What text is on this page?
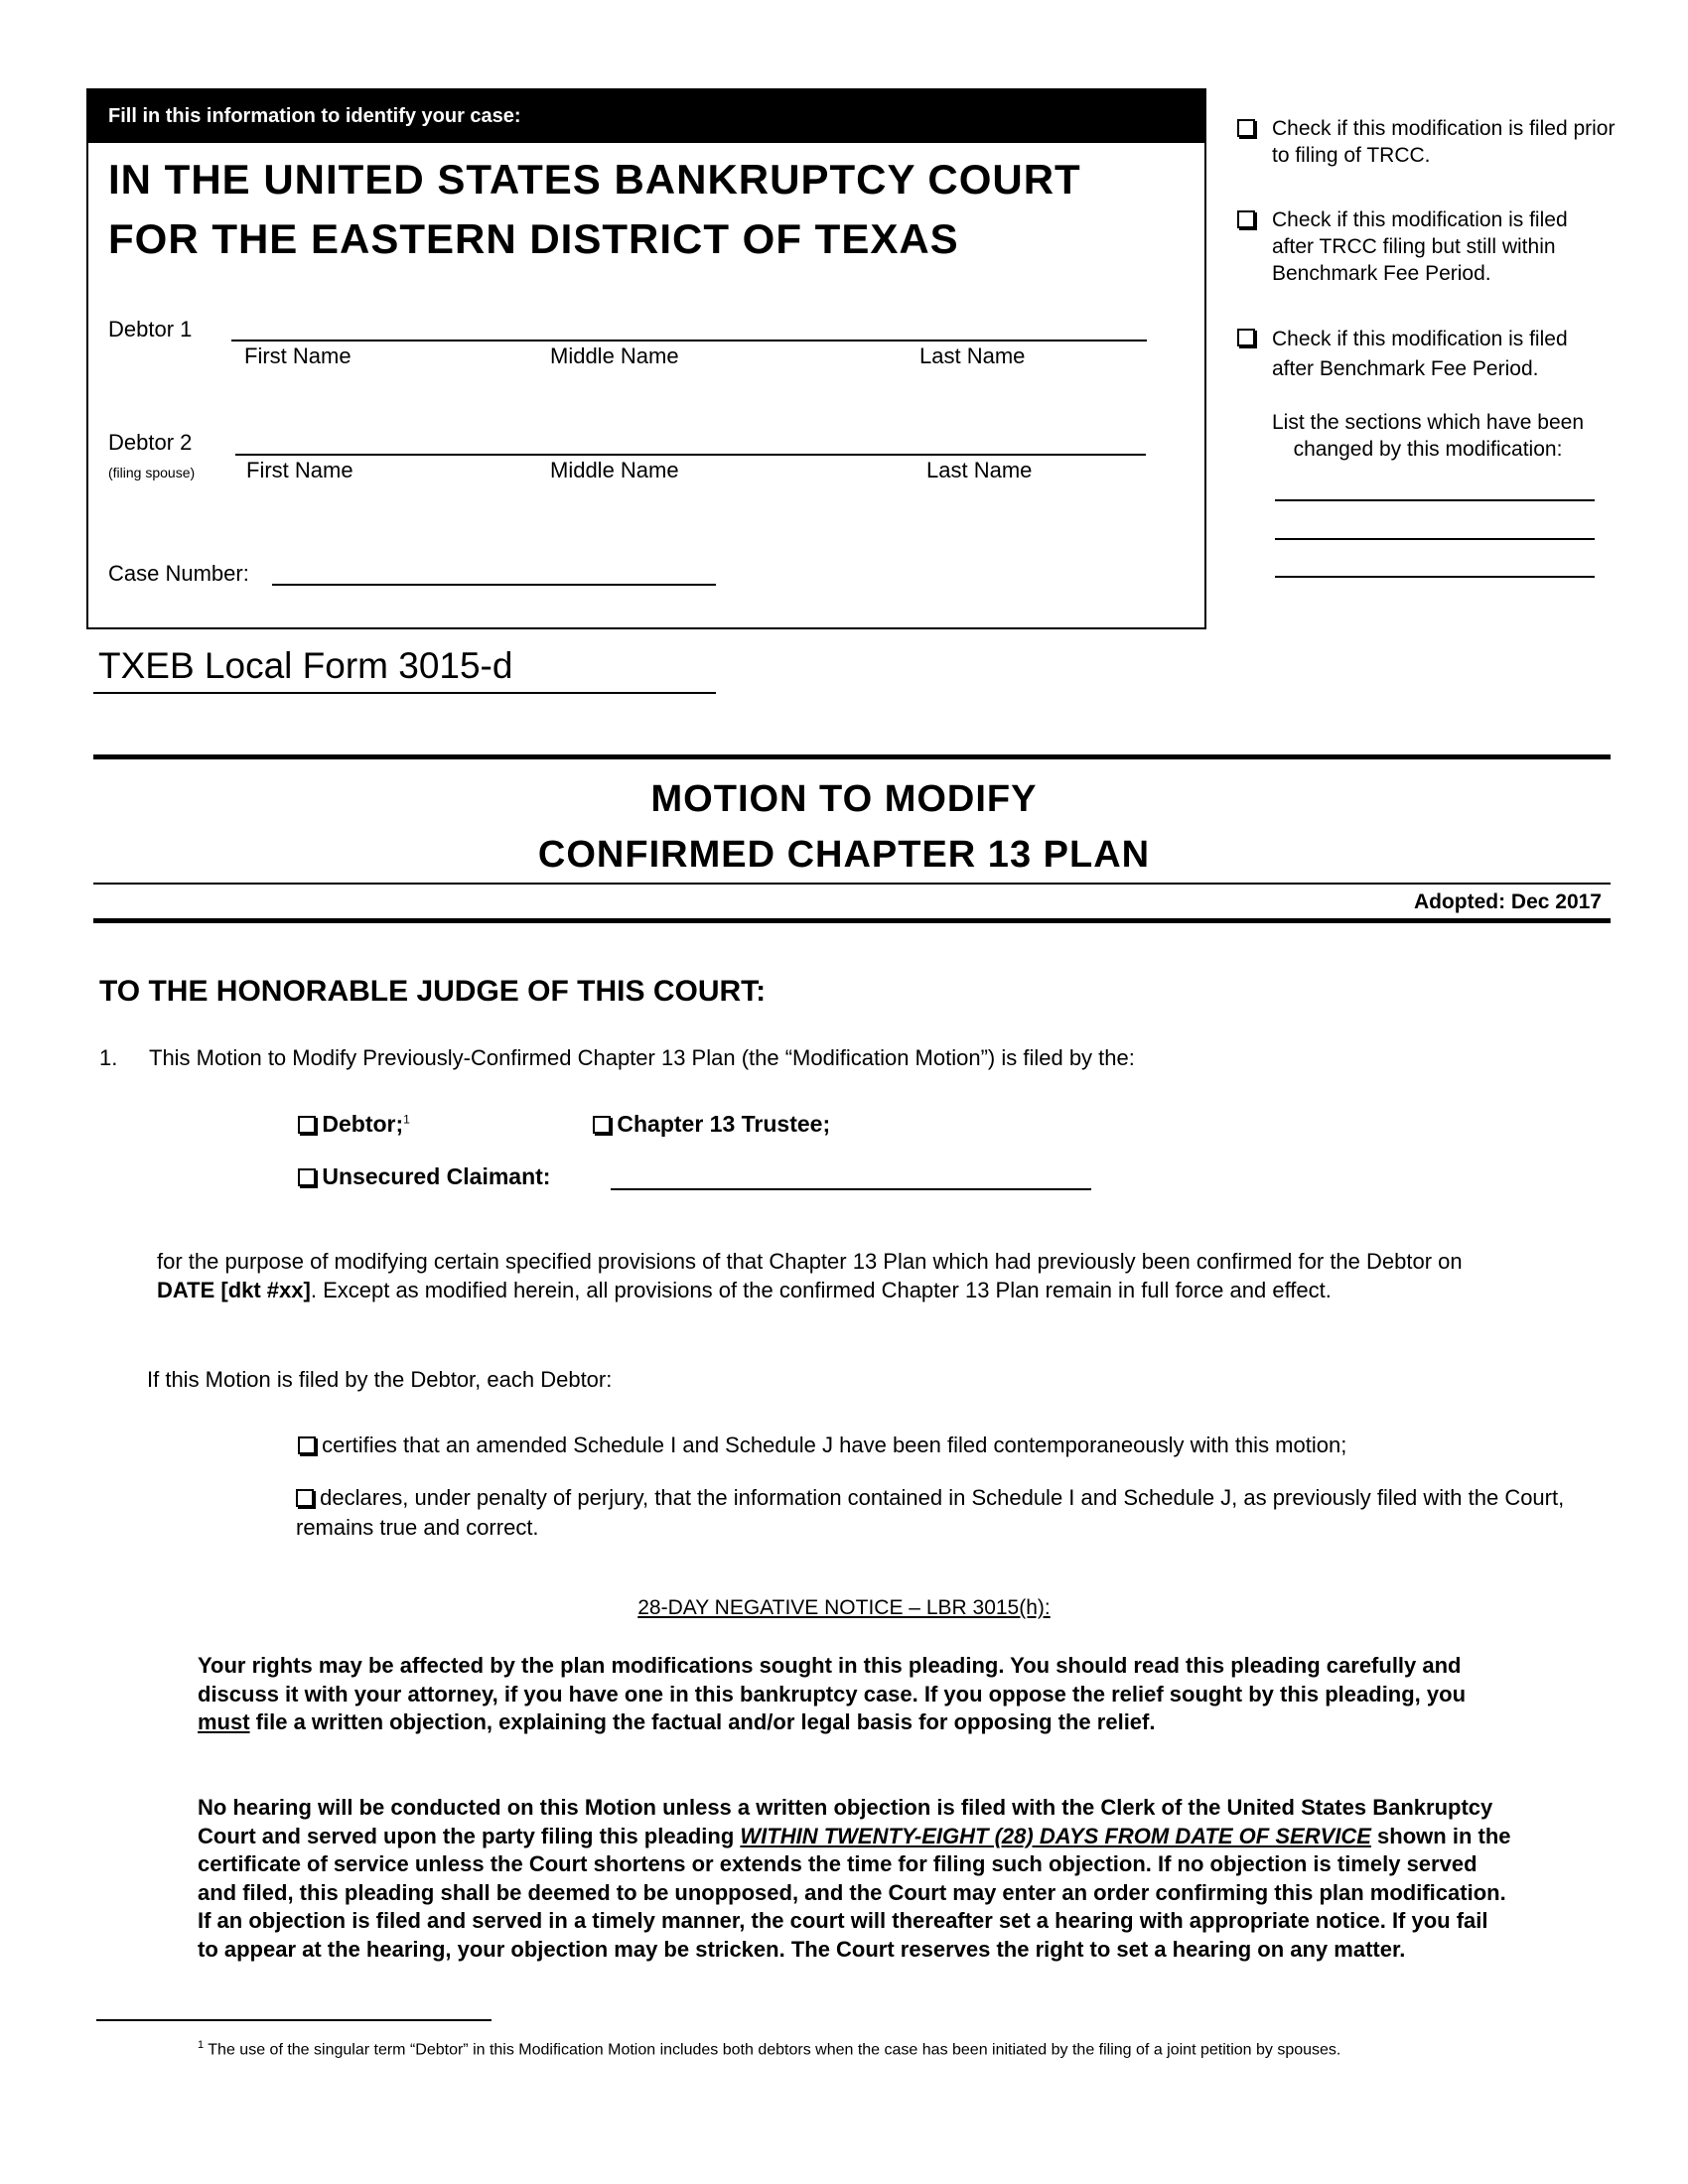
Fill in this information to identify your case:
IN THE UNITED STATES BANKRUPTCY COURT
FOR THE EASTERN DISTRICT OF TEXAS
Debtor 1
First Name	Middle Name	Last Name
Debtor 2
(filing spouse) First Name	Middle Name	Last Name
Case Number:
Check if this modification is filed prior to filing of TRCC.
Check if this modification is filed after TRCC filing but still within Benchmark Fee Period.
Check if this modification is filed after Benchmark Fee Period.
List the sections which have been changed by this modification:
TXEB Local Form 3015-d
MOTION TO MODIFY
CONFIRMED CHAPTER 13 PLAN
Adopted: Dec 2017
TO THE HONORABLE JUDGE OF THIS COURT:
1. This Motion to Modify Previously-Confirmed Chapter 13 Plan (the “Modification Motion”) is filed by the:
Debtor;$^1$	Chapter 13 Trustee;
Unsecured Claimant:
for the purpose of modifying certain specified provisions of that Chapter 13 Plan which had previously been confirmed for the Debtor on DATE [dkt #xx]. Except as modified herein, all provisions of the confirmed Chapter 13 Plan remain in full force and effect.
If this Motion is filed by the Debtor, each Debtor:
certifies that an amended Schedule I and Schedule J have been filed contemporaneously with this motion;
declares, under penalty of perjury, that the information contained in Schedule I and Schedule J, as previously filed with the Court, remains true and correct.
28-DAY NEGATIVE NOTICE – LBR 3015(h):
Your rights may be affected by the plan modifications sought in this pleading. You should read this pleading carefully and discuss it with your attorney, if you have one in this bankruptcy case. If you oppose the relief sought by this pleading, you must file a written objection, explaining the factual and/or legal basis for opposing the relief.
No hearing will be conducted on this Motion unless a written objection is filed with the Clerk of the United States Bankruptcy Court and served upon the party filing this pleading WITHIN TWENTY-EIGHT (28) DAYS FROM DATE OF SERVICE shown in the certificate of service unless the Court shortens or extends the time for filing such objection. If no objection is timely served and filed, this pleading shall be deemed to be unopposed, and the Court may enter an order confirming this plan modification. If an objection is filed and served in a timely manner, the court will thereafter set a hearing with appropriate notice. If you fail to appear at the hearing, your objection may be stricken. The Court reserves the right to set a hearing on any matter.
$^1$ The use of the singular term “Debtor” in this Modification Motion includes both debtors when the case has been initiated by the filing of a joint petition by spouses.
